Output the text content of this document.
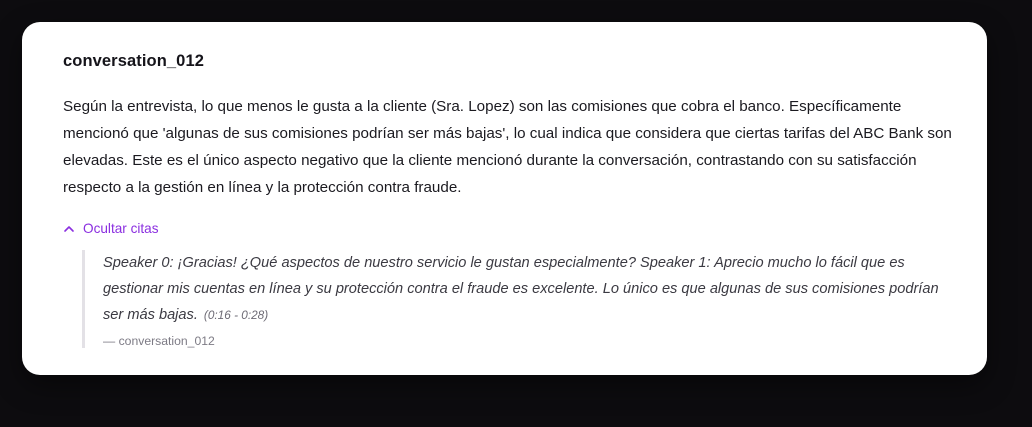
conversation_012

Según la entrevista, lo que menos le gusta a la cliente (Sra. Lopez) son las comisiones que cobra el banco. Específicamente mencionó que 'algunas de sus comisiones podrían ser más bajas', lo cual indica que considera que ciertas tarifas del ABC Bank son elevadas. Este es el único aspecto negativo que la cliente mencionó durante la conversación, contrastando con su satisfacción respecto a la gestión en línea y la protección contra fraude.

Ocultar citas

Speaker 0: ¡Gracias! ¿Qué aspectos de nuestro servicio le gustan especialmente? Speaker 1: Aprecio mucho lo fácil que es gestionar mis cuentas en línea y su protección contra el fraude es excelente. Lo único es que algunas de sus comisiones podrían ser más bajas. (0:16 - 0:28)

— conversation_012
